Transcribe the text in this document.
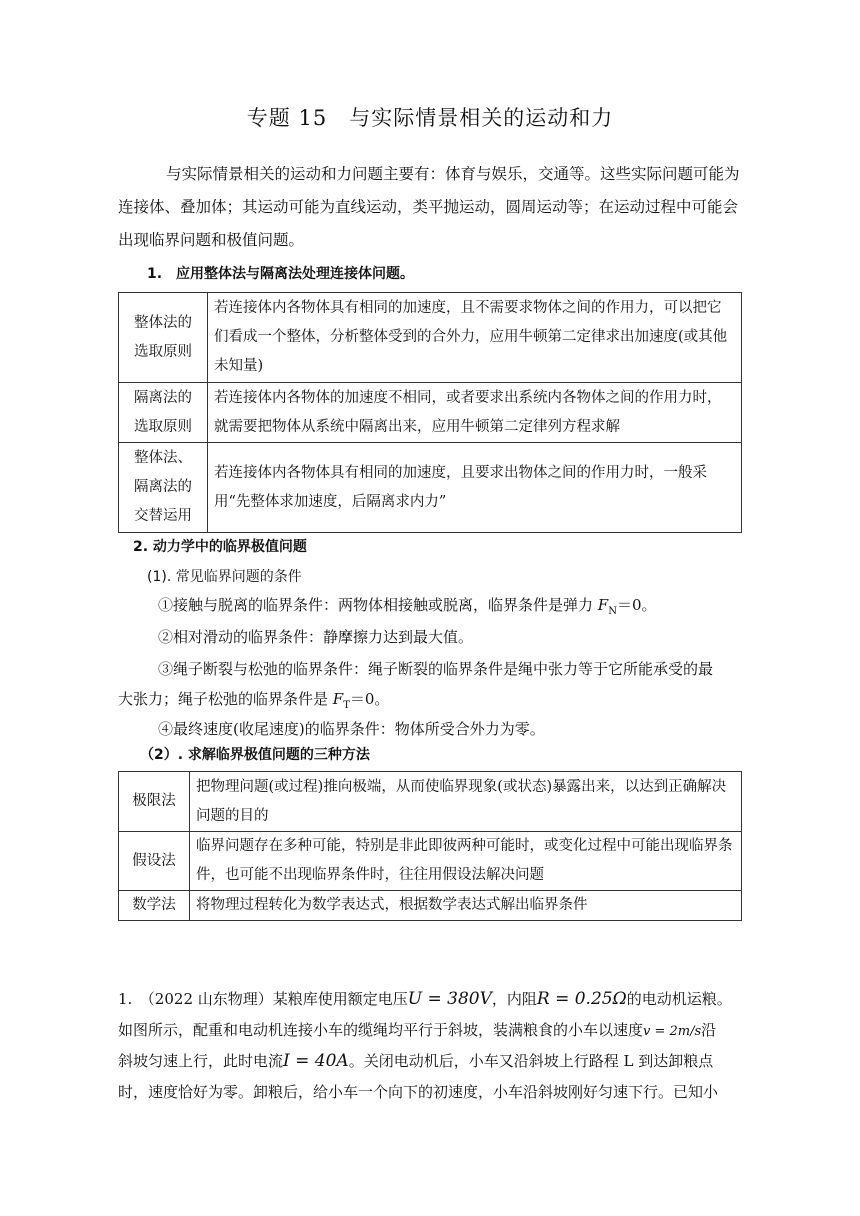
专题 15　与实际情景相关的运动和力
与实际情景相关的运动和力问题主要有：体育与娱乐，交通等。这些实际问题可能为连接体、叠加体；其运动可能为直线运动，类平抛运动，圆周运动等；在运动过程中可能会出现临界问题和极值问题。
1.　应用整体法与隔离法处理连接体问题。
整体法的选取原则	若连接体内各物体具有相同的加速度，且不需要求物体之间的作用力，可以把它们看成一个整体，分析整体受到的合外力，应用牛顿第二定律求出加速度(或其他未知量)
隔离法的选取原则	若连接体内各物体的加速度不相同，或者要求出系统内各物体之间的作用力时，就需要把物体从系统中隔离出来，应用牛顿第二定律列方程求解
整体法、隔离法的交替运用	若连接体内各物体具有相同的加速度，且要求出物体之间的作用力时，一般采用“先整体求加速度，后隔离求内力”
2. 动力学中的临界极值问题
(1). 常见临界问题的条件
①接触与脱离的临界条件：两物体相接触或脱离，临界条件是弹力 $F_N=0$。
②相对滑动的临界条件：静摩擦力达到最大值。
③绳子断裂与松弛的临界条件：绳子断裂的临界条件是绳中张力等于它所能承受的最
大张力；绳子松弛的临界条件是 $F_T=0$。
④最终速度(收尾速度)的临界条件：物体所受合外力为零。
（2）. 求解临界极值问题的三种方法
极限法	把物理问题(或过程)推向极端，从而使临界现象(或状态)暴露出来，以达到正确解决问题的目的
假设法	临界问题存在多种可能，特别是非此即彼两种可能时，或变化过程中可能出现临界条件，也可能不出现临界条件时，往往用假设法解决问题
数学法	将物理过程转化为数学表达式，根据数学表达式解出临界条件
1.　（2022 山东物理）某粮库使用额定电压U = 380V，内阻R = 0.25Ω的电动机运粮。
如图所示，配重和电动机连接小车的缆绳均平行于斜坡，装满粮食的小车以速度v = 2m/s沿
斜坡匀速上行，此时电流I = 40A。关闭电动机后，小车又沿斜坡上行路程 L 到达卸粮点
时，速度恰好为零。卸粮后，给小车一个向下的初速度，小车沿斜坡刚好匀速下行。已知小
